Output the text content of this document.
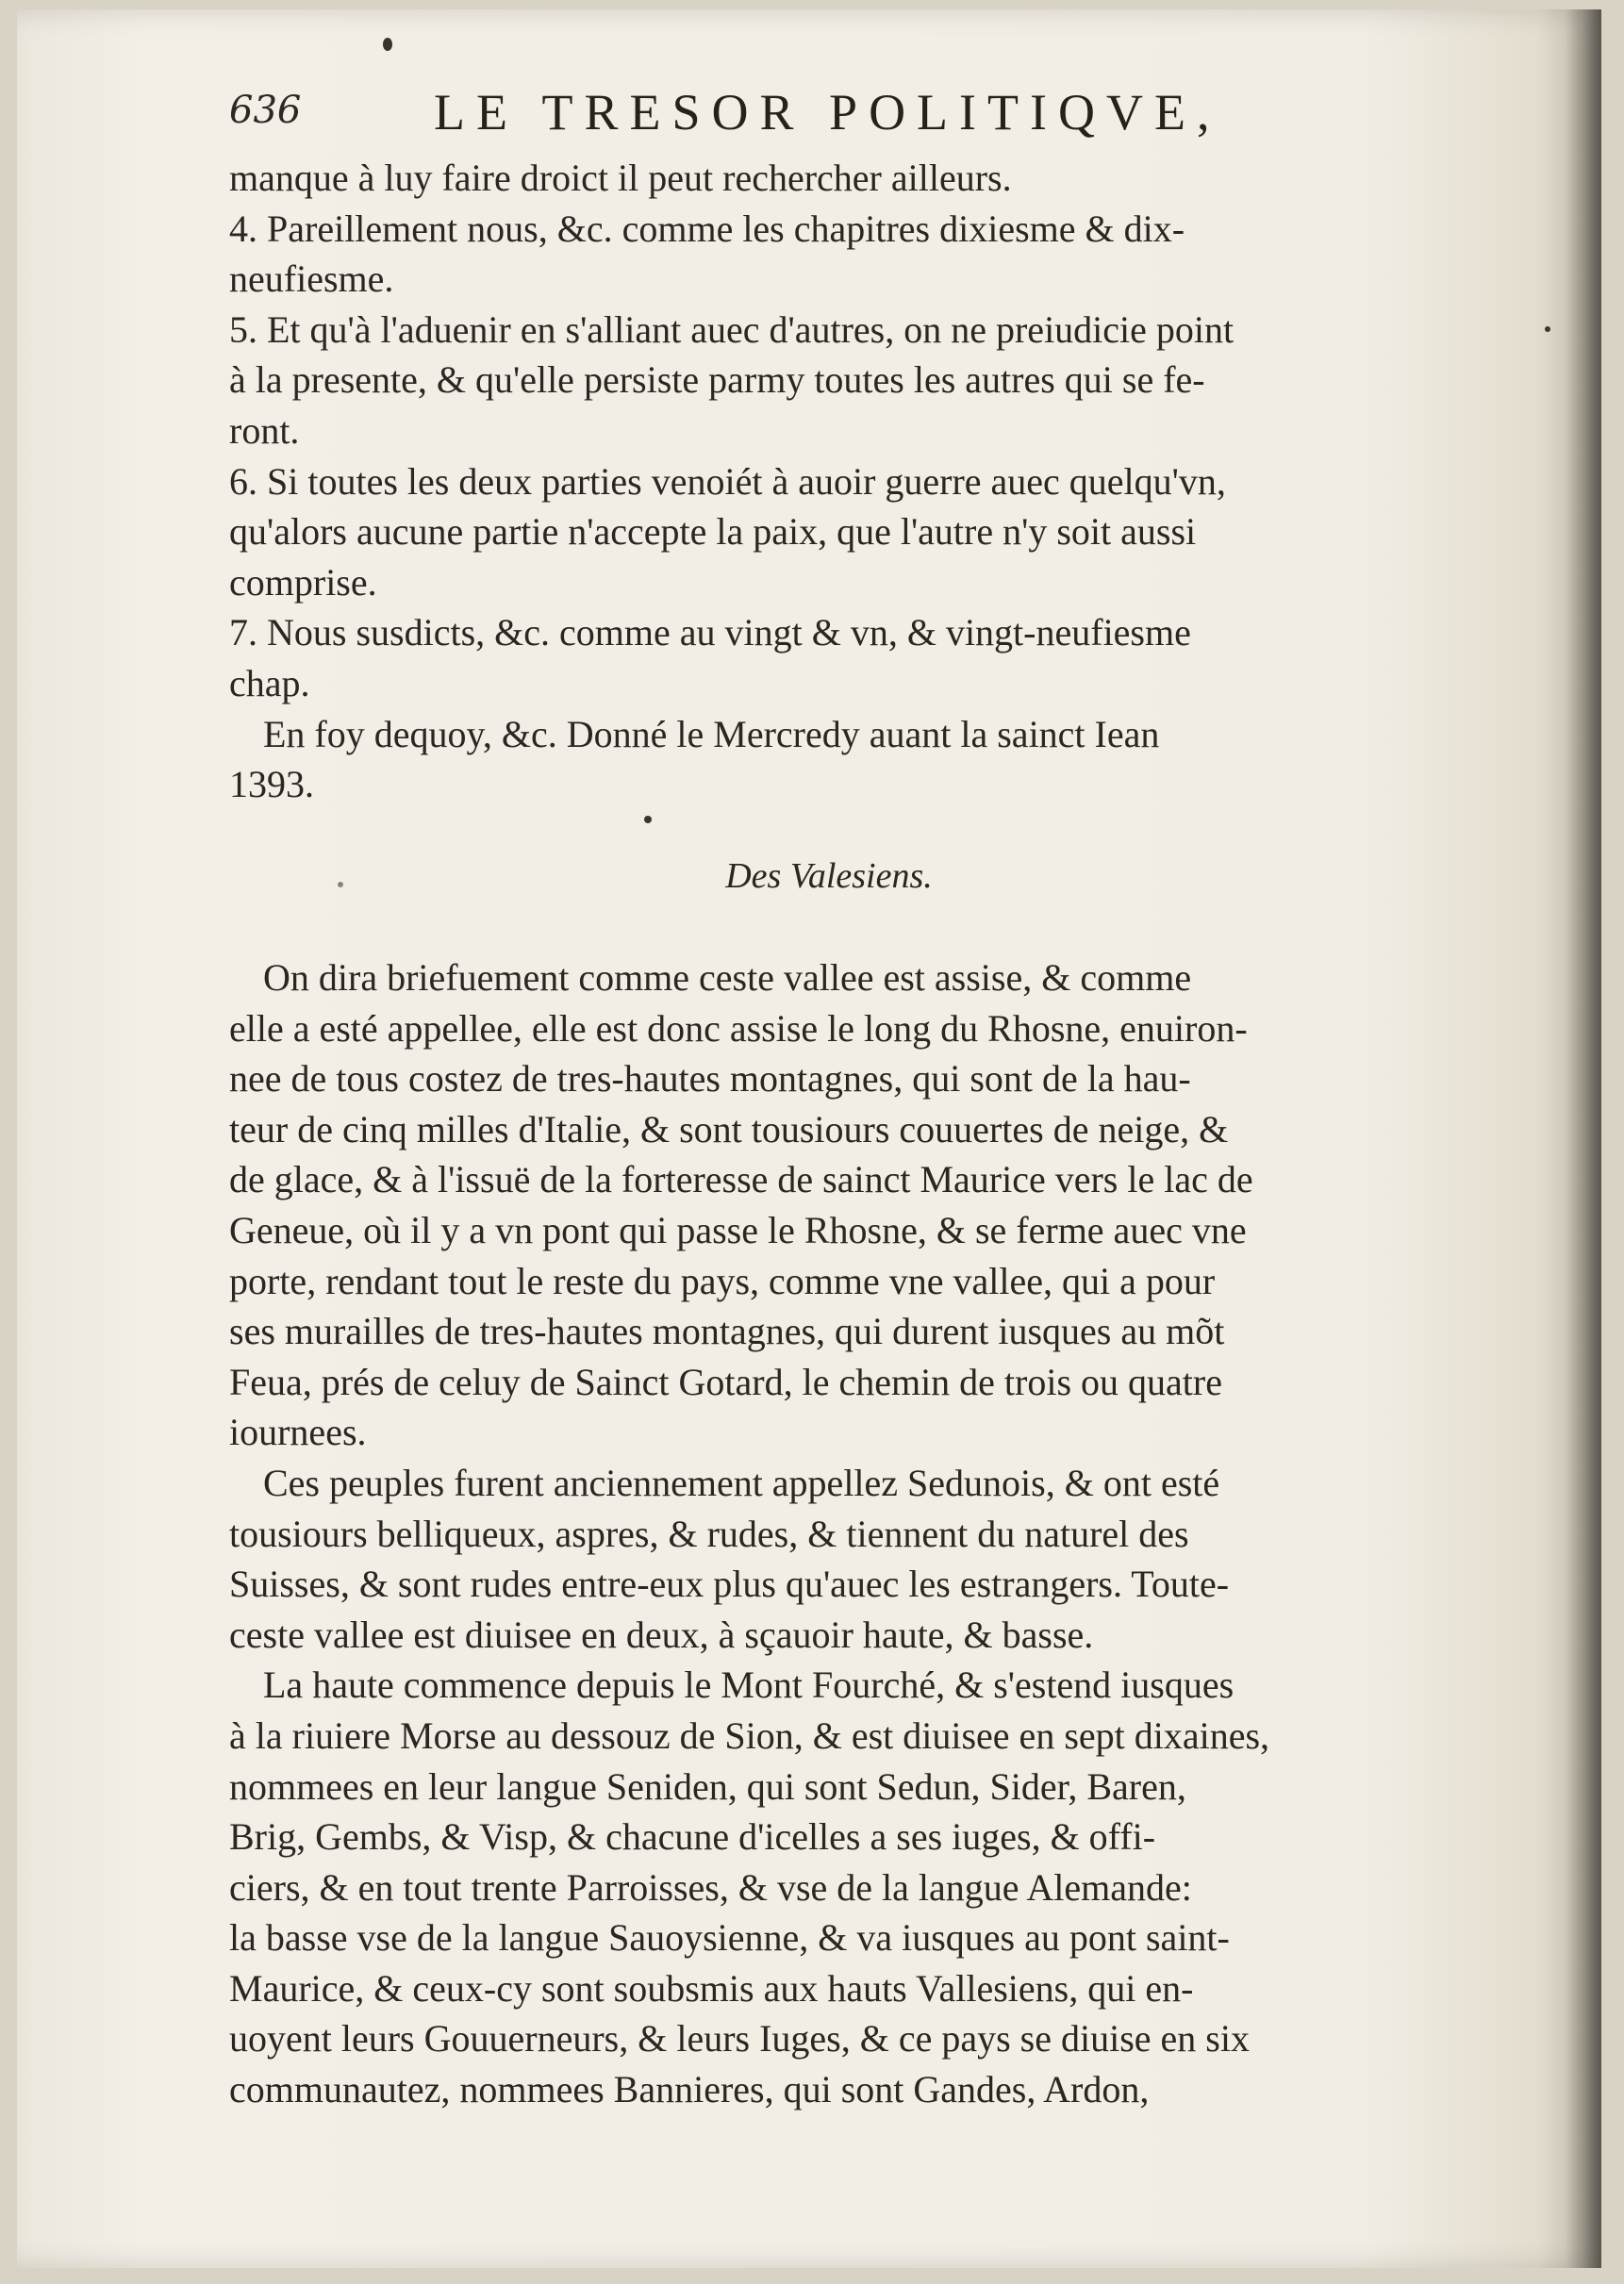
636	LE TRESOR POLITIQVE,

manque à luy faire droict il peut rechercher ailleurs.

4. Pareillement nous, &c. comme les chapitres dixiesme & dix-

neufiesme.

5. Et qu'à l'aduenir en s'alliant auec d'autres, on ne preiudicie point

à la presente, & qu'elle persiste parmy toutes les autres qui se fe-

ront.

6. Si toutes les deux parties venoiét à auoir guerre auec quelqu'vn,

qu'alors aucune partie n'accepte la paix, que l'autre n'y soit aussi

comprise.

7. Nous susdicts, &c. comme au vingt & vn, & vingt-neufiesme

chap.

En foy dequoy, &c. Donné le Mercredy auant la sainct Iean

1393.

Des Valesiens.

On dira briefuement comme ceste vallee est assise, & comme

elle a esté appellee, elle est donc assise le long du Rhosne, enuiron-

nee de tous costez de tres-hautes montagnes, qui sont de la hau-

teur de cinq milles d'Italie, & sont tousiours couuertes de neige, &

de glace, & à l'issuë de la forteresse de sainct Maurice vers le lac de

Geneue, où il y a vn pont qui passe le Rhosne, & se ferme auec vne

porte, rendant tout le reste du pays, comme vne vallee, qui a pour

ses murailles de tres-hautes montagnes, qui durent iusques au mõt

Feua, prés de celuy de Sainct Gotard, le chemin de trois ou quatre

iournees.

Ces peuples furent anciennement appellez Sedunois, & ont esté

tousiours belliqueux, aspres, & rudes, & tiennent du naturel des

Suisses, & sont rudes entre-eux plus qu'auec les estrangers. Toute-

ceste vallee est diuisee en deux, à sçauoir haute, & basse.

La haute commence depuis le Mont Fourché, & s'estend iusques

à la riuiere Morse au dessouz de Sion, & est diuisee en sept dixaines,

nommees en leur langue Seniden, qui sont Sedun, Sider, Baren,

Brig, Gembs, & Visp, & chacune d'icelles a ses iuges, & offi-

ciers, & en tout trente Parroisses, & vse de la langue Alemande:

la basse vse de la langue Sauoysienne, & va iusques au pont saint-

Maurice, & ceux-cy sont soubsmis aux hauts Vallesiens, qui en-

uoyent leurs Gouuerneurs, & leurs Iuges, & ce pays se diuise en six

communautez, nommees Bannieres, qui sont Gandes, Ardon,
